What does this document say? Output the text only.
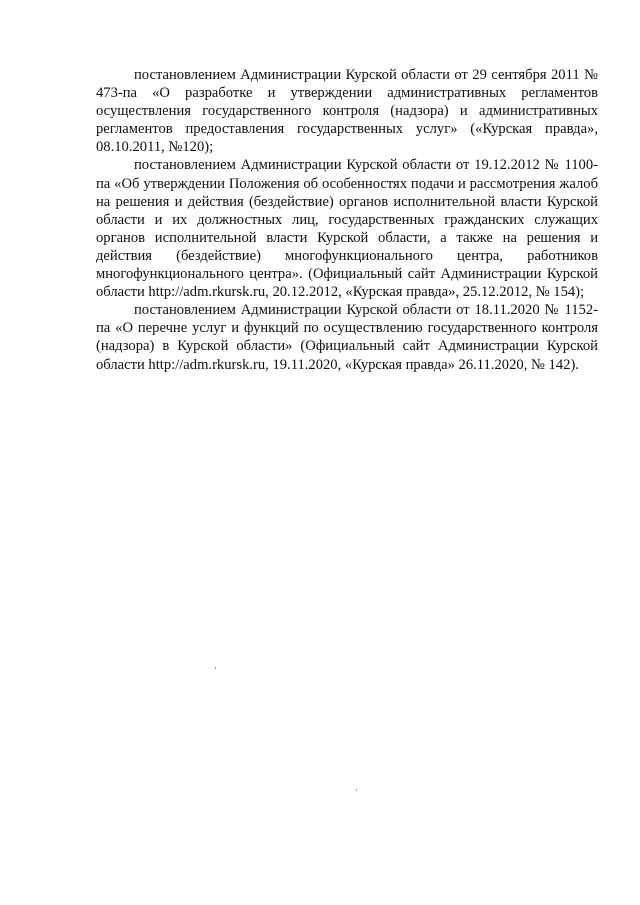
постановлением Администрации Курской области от 29 сентября 2011 № 473-па «О разработке и утверждении административных регламентов осуществления государственного контроля (надзора) и административных регламентов предоставления государственных услуг» («Курская правда», 08.10.2011, №120);

постановлением Администрации Курской области от 19.12.2012 № 1100-па «Об утверждении Положения об особенностях подачи и рассмотрения жалоб на решения и действия (бездействие) органов исполнительной власти Курской области и их должностных лиц, государственных гражданских служащих органов исполнительной власти Курской области, а также на решения и действия (бездействие) многофункционального центра, работников многофункционального центра». (Официальный сайт Администрации Курской области http://adm.rkursk.ru, 20.12.2012, «Курская правда», 25.12.2012, № 154);

постановлением Администрации Курской области от 18.11.2020 № 1152-па «О перечне услуг и функций по осуществлению государственного контроля (надзора) в Курской области» (Официальный сайт Администрации Курской области http://adm.rkursk.ru, 19.11.2020, «Курская правда» 26.11.2020, № 142).
